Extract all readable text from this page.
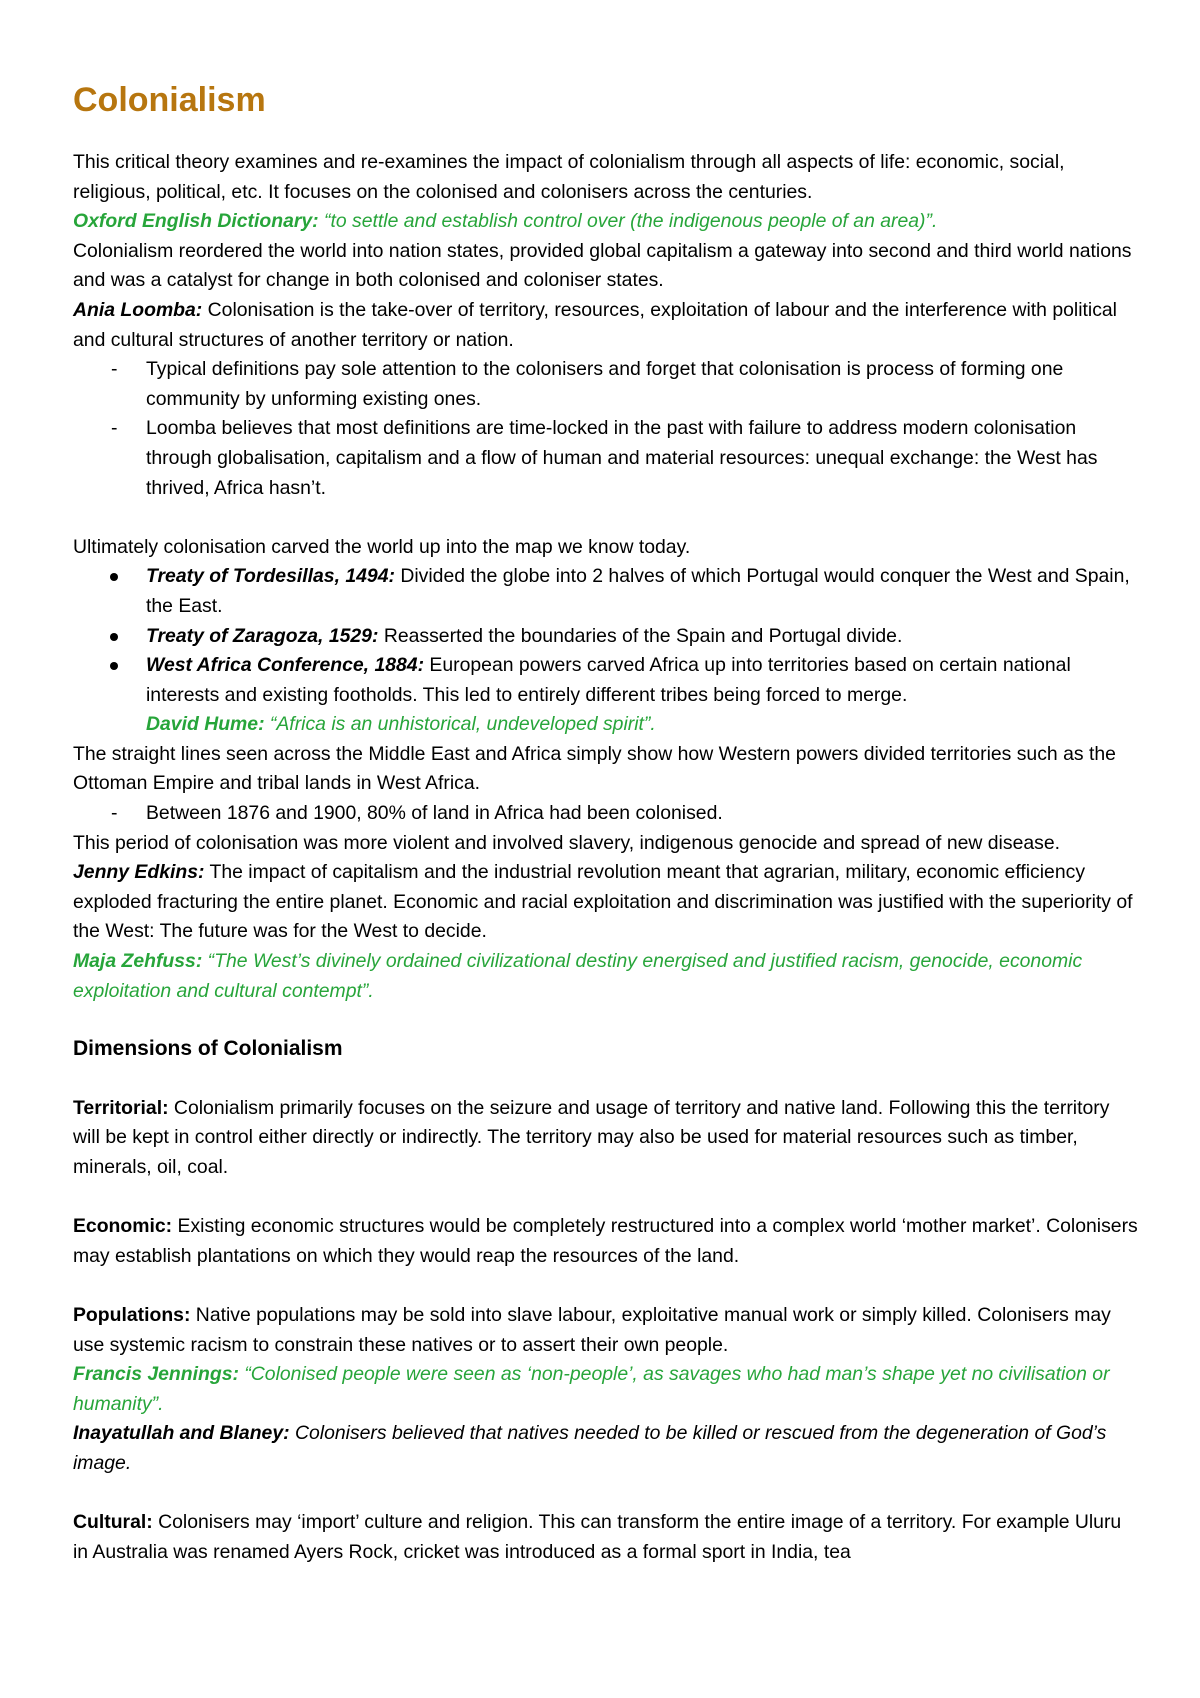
Colonialism

This critical theory examines and re-examines the impact of colonialism through all aspects of life: economic, social, religious, political, etc. It focuses on the colonised and colonisers across the centuries.

Oxford English Dictionary: “to settle and establish control over (the indigenous people of an area)”.

Colonialism reordered the world into nation states, provided global capitalism a gateway into second and third world nations and was a catalyst for change in both colonised and coloniser states.

Ania Loomba: Colonisation is the take-over of territory, resources, exploitation of labour and the interference with political and cultural structures of another territory or nation.

- Typical definitions pay sole attention to the colonisers and forget that colonisation is process of forming one community by unforming existing ones.
- Loomba believes that most definitions are time-locked in the past with failure to address modern colonisation through globalisation, capitalism and a flow of human and material resources: unequal exchange: the West has thrived, Africa hasn’t.

Ultimately colonisation carved the world up into the map we know today.

Treaty of Tordesillas, 1494: Divided the globe into 2 halves of which Portugal would conquer the West and Spain, the East.
Treaty of Zaragoza, 1529: Reasserted the boundaries of the Spain and Portugal divide.
West Africa Conference, 1884: European powers carved Africa up into territories based on certain national interests and existing footholds. This led to entirely different tribes being forced to merge.

David Hume: “Africa is an unhistorical, undeveloped spirit”.

The straight lines seen across the Middle East and Africa simply show how Western powers divided territories such as the Ottoman Empire and tribal lands in West Africa.

- Between 1876 and 1900, 80% of land in Africa had been colonised.

This period of colonisation was more violent and involved slavery, indigenous genocide and spread of new disease.

Jenny Edkins: The impact of capitalism and the industrial revolution meant that agrarian, military, economic efficiency exploded fracturing the entire planet. Economic and racial exploitation and discrimination was justified with the superiority of the West: The future was for the West to decide.

Maja Zehfuss: “The West’s divinely ordained civilizational destiny energised and justified racism, genocide, economic exploitation and cultural contempt”.

Dimensions of Colonialism

Territorial: Colonialism primarily focuses on the seizure and usage of territory and native land. Following this the territory will be kept in control either directly or indirectly. The territory may also be used for material resources such as timber, minerals, oil, coal.

Economic: Existing economic structures would be completely restructured into a complex world ‘mother market’. Colonisers may establish plantations on which they would reap the resources of the land.

Populations: Native populations may be sold into slave labour, exploitative manual work or simply killed. Colonisers may use systemic racism to constrain these natives or to assert their own people.

Francis Jennings: “Colonised people were seen as ‘non-people’, as savages who had man’s shape yet no civilisation or humanity”.

Inayatullah and Blaney: Colonisers believed that natives needed to be killed or rescued from the degeneration of God’s image.

Cultural: Colonisers may ‘import’ culture and religion. This can transform the entire image of a territory. For example Uluru in Australia was renamed Ayers Rock, cricket was introduced as a formal sport in India, tea
